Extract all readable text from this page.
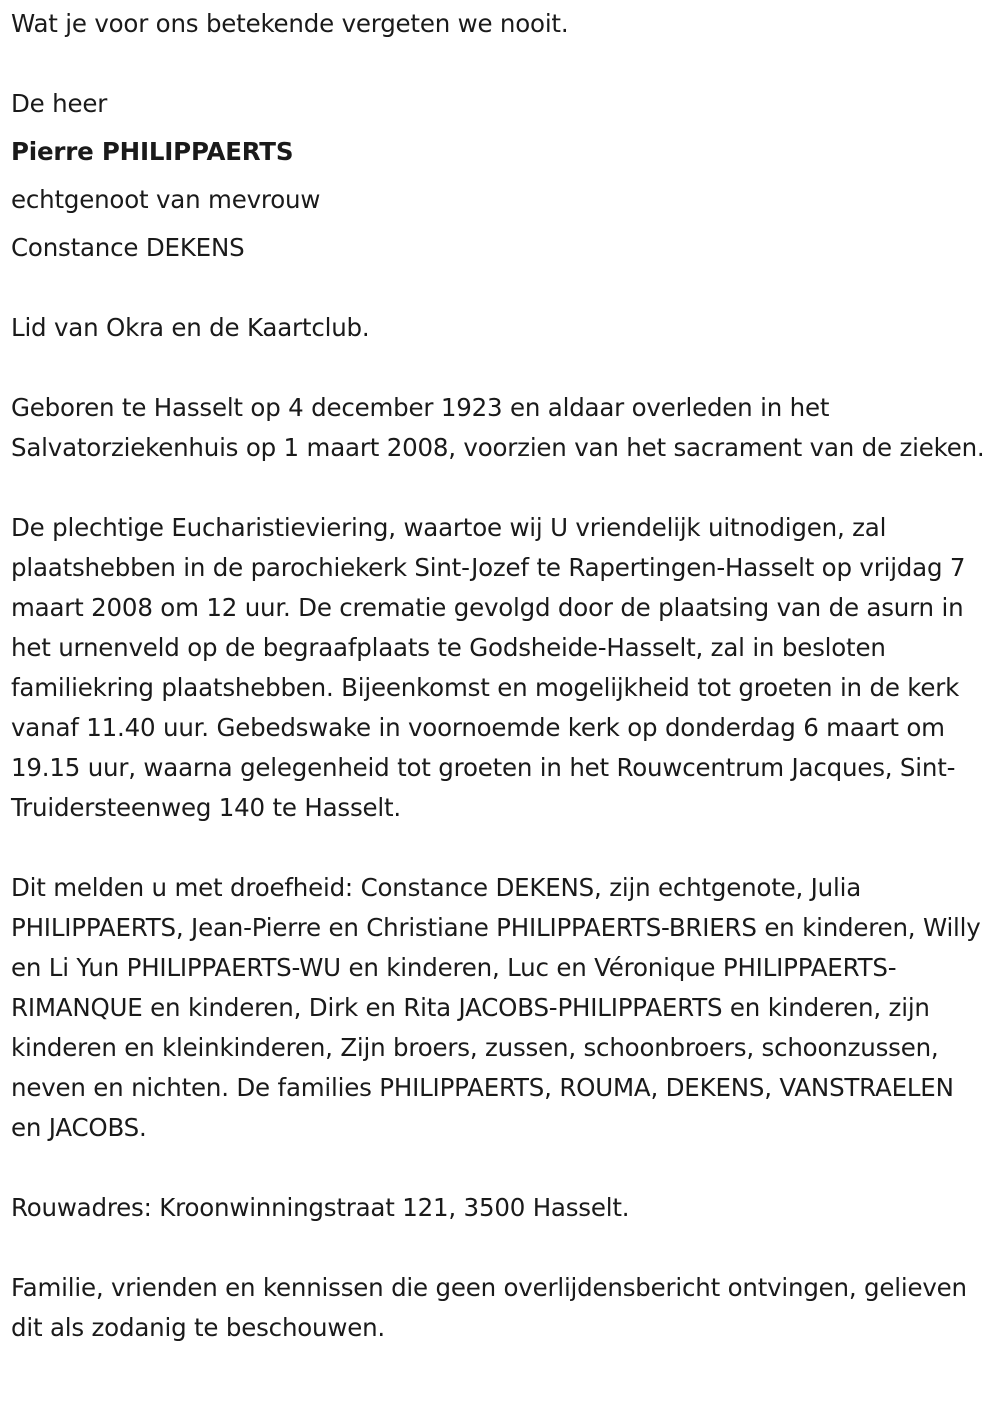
Wat je voor ons betekende vergeten we nooit.

De heer

Pierre PHILIPPAERTS

echtgenoot van mevrouw

Constance DEKENS

Lid van Okra en de Kaartclub.

Geboren te Hasselt op 4 december 1923 en aldaar overleden in het Salvatorziekenhuis op 1 maart 2008, voorzien van het sacrament van de zieken.

De plechtige Eucharistieviering, waartoe wij U vriendelijk uitnodigen, zal plaatshebben in de parochiekerk Sint-Jozef te Rapertingen-Hasselt op vrijdag 7 maart 2008 om 12 uur. De crematie gevolgd door de plaatsing van de asurn in het urnenveld op de begraafplaats te Godsheide-Hasselt, zal in besloten familiekring plaatshebben. Bijeenkomst en mogelijkheid tot groeten in de kerk vanaf 11.40 uur. Gebedswake in voornoemde kerk op donderdag 6 maart om 19.15 uur, waarna gelegenheid tot groeten in het Rouwcentrum Jacques, Sint-Truidersteenweg 140 te Hasselt.

Dit melden u met droefheid: Constance DEKENS, zijn echtgenote, Julia PHILIPPAERTS, Jean-Pierre en Christiane PHILIPPAERTS-BRIERS en kinderen, Willy en Li Yun PHILIPPAERTS-WU en kinderen, Luc en Véronique PHILIPPAERTS-RIMANQUE en kinderen, Dirk en Rita JACOBS-PHILIPPAERTS en kinderen, zijn kinderen en kleinkinderen, Zijn broers, zussen, schoonbroers, schoonzussen, neven en nichten. De families PHILIPPAERTS, ROUMA, DEKENS, VANSTRAELEN en JACOBS.

Rouwadres: Kroonwinningstraat 121, 3500 Hasselt.

Familie, vrienden en kennissen die geen overlijdensbericht ontvingen, gelieven dit als zodanig te beschouwen.
